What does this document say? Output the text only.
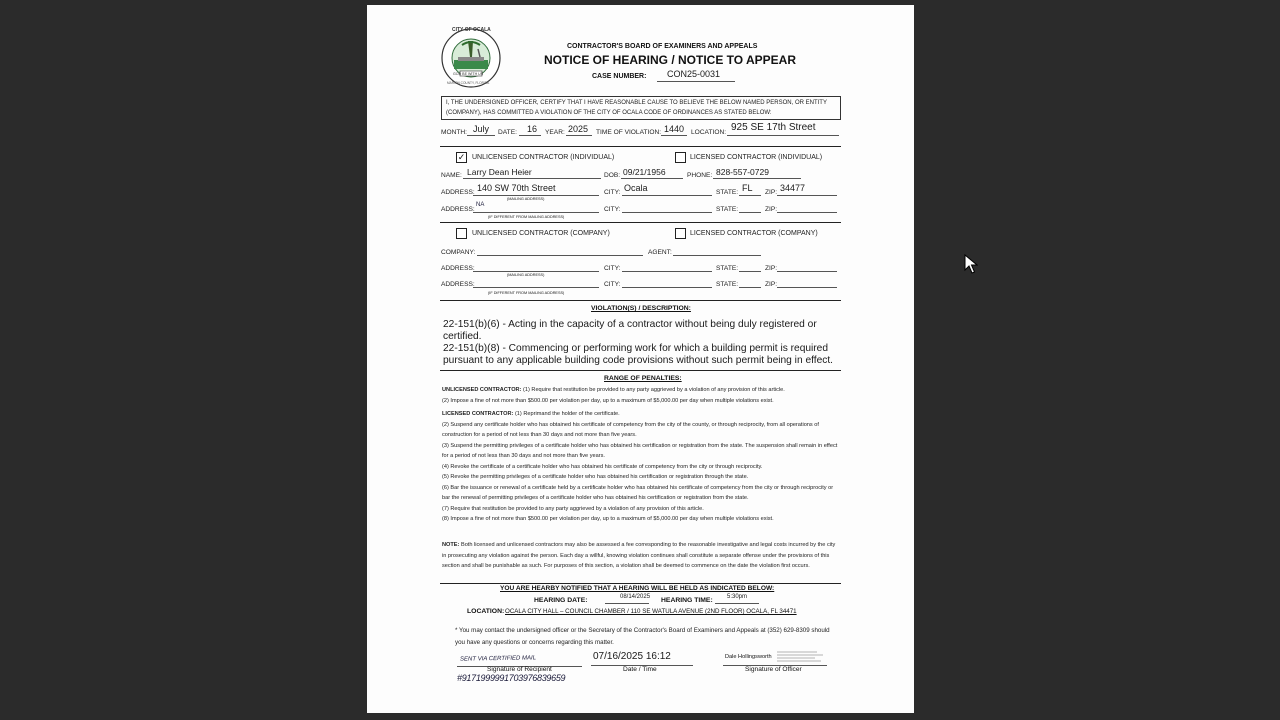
CITY OF OCALA
GOD BE WITH US
MARION COUNTY, FLORIDA
CONTRACTOR'S BOARD OF EXAMINERS AND APPEALS
NOTICE OF HEARING / NOTICE TO APPEAR
CASE NUMBER: CON25-0031
I, THE UNDERSIGNED OFFICER, CERTIFY THAT I HAVE REASONABLE CAUSE TO BELIEVE THE BELOW NAMED PERSON, OR ENTITY (COMPANY), HAS COMMITTED A VIOLATION OF THE CITY OF OCALA CODE OF ORDINANCES AS STATED BELOW:
MONTH: July DATE: 16 YEAR: 2025 TIME OF VIOLATION: 1440 LOCATION: 925 SE 17th Street
✓ UNLICENSED CONTRACTOR (INDIVIDUAL)	LICENSED CONTRACTOR (INDIVIDUAL)
NAME: Larry Dean Heier	DOB: 09/21/1956	PHONE: 828-557-0729
ADDRESS: 140 SW 70th Street
(MAILING ADDRESS)
CITY: Ocala	STATE: FL ZIP: 34477
ADDRESS:
NA
(IF DIFFERENT FROM MAILING ADDRESS)
CITY:	STATE:	ZIP:
UNLICENSED CONTRACTOR (COMPANY)	LICENSED CONTRACTOR (COMPANY)
COMPANY:	AGENT:
ADDRESS:
(MAILING ADDRESS)
CITY:	STATE:	ZIP:
ADDRESS:
(IF DIFFERENT FROM MAILING ADDRESS)
CITY:	STATE:	ZIP:
VIOLATION(S) / DESCRIPTION:
22-151(b)(6) - Acting in the capacity of a contractor without being duly registered or
certified.
22-151(b)(8) - Commencing or performing work for which a building permit is required
pursuant to any applicable building code provisions without such permit being in effect.
RANGE OF PENALTIES:
UNLICENSED CONTRACTOR: (1) Require that restitution be provided to any party aggrieved by a violation of any provision of this article.
(2) Impose a fine of not more than $500.00 per violation per day, up to a maximum of $5,000.00 per day when multiple violations exist.
LICENSED CONTRACTOR: (1) Reprimand the holder of the certificate.
(2) Suspend any certificate holder who has obtained his certificate of competency from the city of the county, or through reciprocity, from all operations of construction for a period of not less than 30 days and not more than five years.
(3) Suspend the permitting privileges of a certificate holder who has obtained his certification or registration from the state. The suspension shall remain in effect for a period of not less than 30 days and not more than five years.
(4) Revoke the certificate of a certificate holder who has obtained his certificate of competency from the city or through reciprocity.
(5) Revoke the permitting privileges of a certificate holder who has obtained his certification or registration through the state.
(6) Bar the issuance or renewal of a certificate held by a certificate holder who has obtained his certificate of competency from the city or through reciprocity or bar the renewal of permitting privileges of a certificate holder who has obtained his certification or registration from the state.
(7) Require that restitution be provided to any party aggrieved by a violation of any provision of this article.
(8) Impose a fine of not more than $500.00 per violation per day, up to a maximum of $5,000.00 per day when multiple violations exist.
NOTE: Both licensed and unlicensed contractors may also be assessed a fee corresponding to the reasonable investigative and legal costs incurred by the city in prosecuting any violation against the person. Each day a willful, knowing violation continues shall constitute a separate offense under the provisions of this section and shall be punishable as such. For purposes of this section, a violation shall be deemed to commence on the date the violation first occurs.
YOU ARE HEARBY NOTIFIED THAT A HEARING WILL BE HELD AS INDICATED BELOW:
HEARING DATE:	08/14/2025 HEARING TIME: 5:30pm
LOCATION: OCALA CITY HALL – COUNCIL CHAMBER / 110 SE WATULA AVENUE (2ND FLOOR) OCALA, FL 34471
* You may contact the undersigned officer or the Secretary of the Contractor's Board of Examiners and Appeals at (352) 629-8309 should you have any questions or concerns regarding this matter.
SENT VIA CERTIFIED MAIL
Signature of Recipient
#9171999991703976839659
07/16/2025 16:12
Date / Time
Dale Hollingsworth
Signature of Officer
